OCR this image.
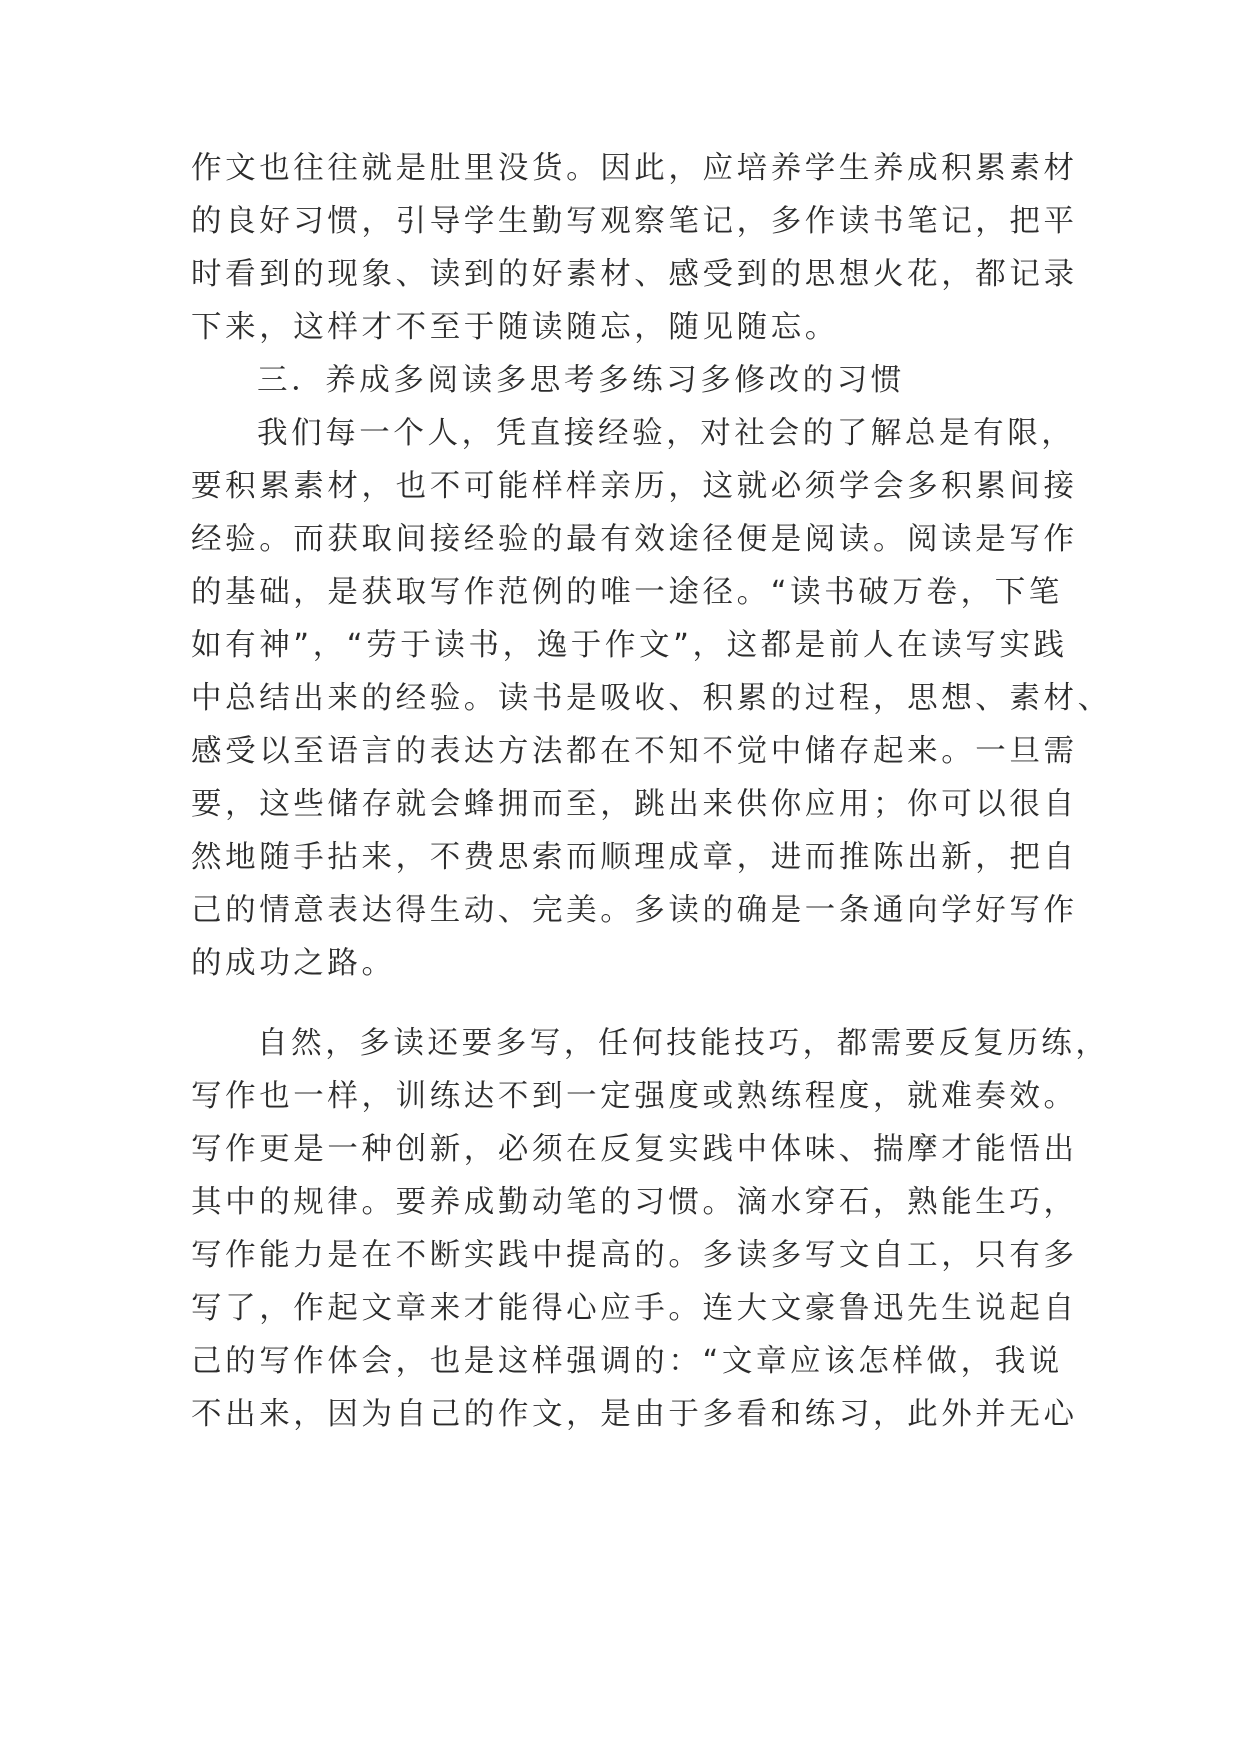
作文也往往就是肚里没货。因此，应培养学生养成积累素材
的良好习惯，引导学生勤写观察笔记，多作读书笔记，把平
时看到的现象、读到的好素材、感受到的思想火花，都记录
下来，这样才不至于随读随忘，随见随忘。
三．养成多阅读多思考多练习多修改的习惯
我们每一个人，凭直接经验，对社会的了解总是有限，
要积累素材，也不可能样样亲历，这就必须学会多积累间接
经验。而获取间接经验的最有效途径便是阅读。阅读是写作
的基础，是获取写作范例的唯一途径。“读书破万卷，下笔
如有神”，“劳于读书，逸于作文”，这都是前人在读写实践
中总结出来的经验。读书是吸收、积累的过程，思想、素材、
感受以至语言的表达方法都在不知不觉中储存起来。一旦需
要，这些储存就会蜂拥而至，跳出来供你应用；你可以很自
然地随手拈来，不费思索而顺理成章，进而推陈出新，把自
己的情意表达得生动、完美。多读的确是一条通向学好写作
的成功之路。
自然，多读还要多写，任何技能技巧，都需要反复历练，
写作也一样，训练达不到一定强度或熟练程度，就难奏效。
写作更是一种创新，必须在反复实践中体味、揣摩才能悟出
其中的规律。要养成勤动笔的习惯。滴水穿石，熟能生巧，
写作能力是在不断实践中提高的。多读多写文自工，只有多
写了，作起文章来才能得心应手。连大文豪鲁迅先生说起自
己的写作体会，也是这样强调的：“文章应该怎样做，我说
不出来，因为自己的作文，是由于多看和练习，此外并无心
